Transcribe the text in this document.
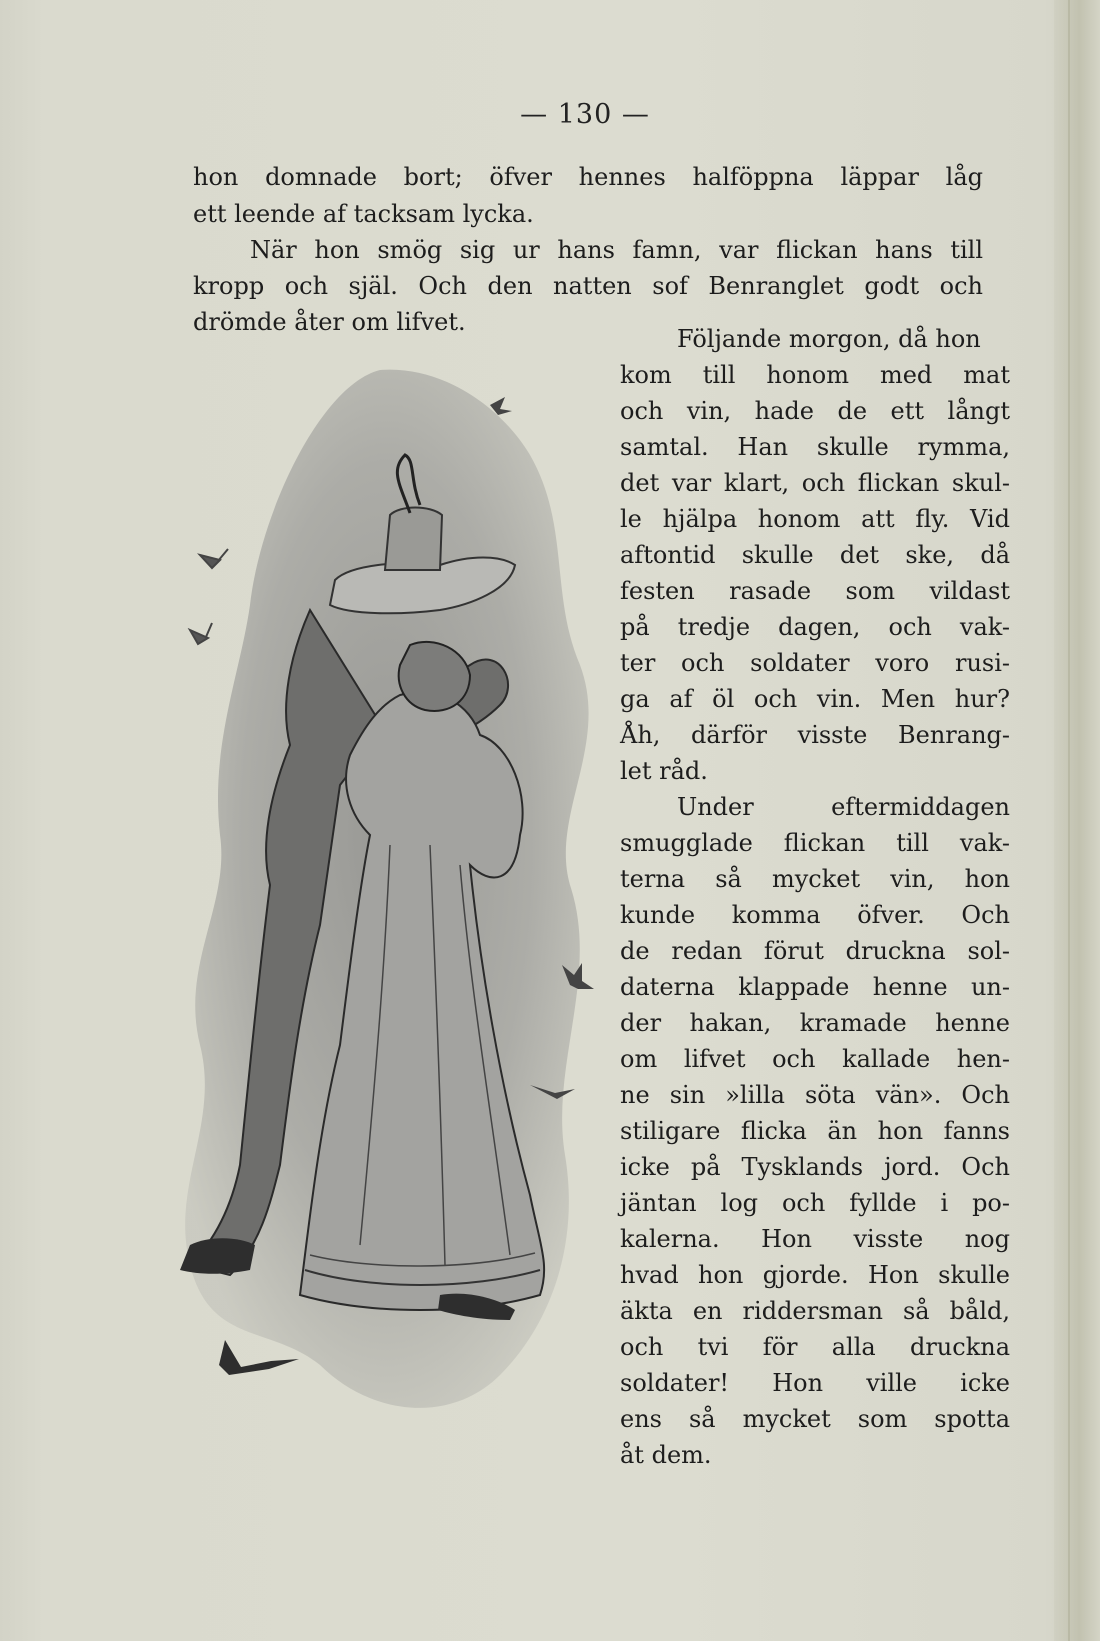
— 130 —
hon domnade bort; öfver hennes halföppna läppar låg
ett leende af tacksam lycka.
När hon smög sig ur hans famn, var flickan hans till
kropp och själ. Och den natten sof Benranglet godt och
drömde åter om lifvet.
Följande morgon, då hon
kom till honom med mat
och vin, hade de ett långt
samtal. Han skulle rymma,
det var klart, och flickan skul-
le hjälpa honom att fly. Vid
aftontid skulle det ske, då
festen rasade som vildast
på tredje dagen, och vak-
ter och soldater voro rusi-
ga af öl och vin. Men hur?
Åh, därför visste Benrang-
let råd.
Under eftermiddagen
smugglade flickan till vak-
terna så mycket vin, hon
kunde komma öfver. Och
de redan förut druckna sol-
daterna klappade henne un-
der hakan, kramade henne
om lifvet och kallade hen-
ne sin »lilla söta vän». Och
stiligare flicka än hon fanns
icke på Tysklands jord. Och
jäntan log och fyllde i po-
kalerna. Hon visste nog
hvad hon gjorde. Hon skulle
äkta en riddersman så båld,
och tvi för alla druckna
soldater! Hon ville icke
ens så mycket som spotta
åt dem.
